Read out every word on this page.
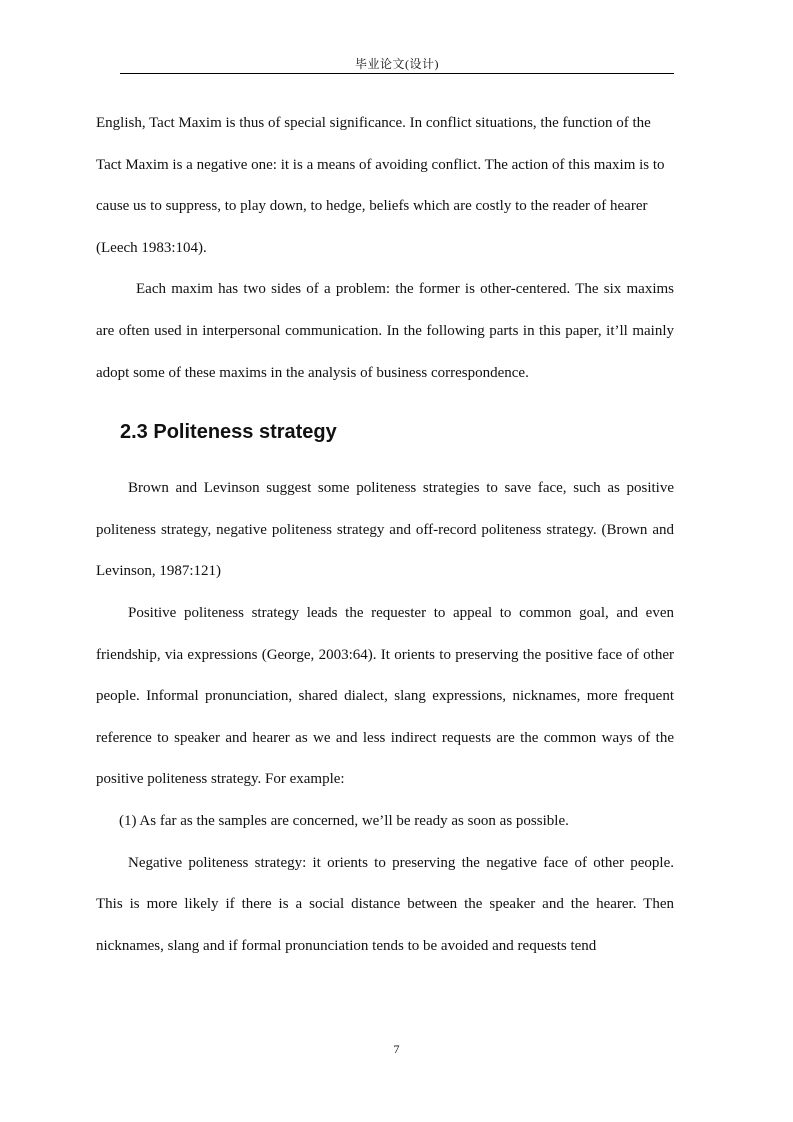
毕业论文(设计)

English, Tact Maxim is thus of special significance. In conflict situations, the function of the Tact Maxim is a negative one: it is a means of avoiding conflict. The action of this maxim is to cause us to suppress, to play down, to hedge, beliefs which are costly to the reader of hearer (Leech 1983:104).

Each maxim has two sides of a problem: the former is other-centered. The six maxims are often used in interpersonal communication. In the following parts in this paper, it’ll mainly adopt some of these maxims in the analysis of business correspondence.

2.3 Politeness strategy

Brown and Levinson suggest some politeness strategies to save face, such as positive politeness strategy, negative politeness strategy and off-record politeness strategy. (Brown and Levinson, 1987:121)

Positive politeness strategy leads the requester to appeal to common goal, and even friendship, via expressions (George, 2003:64). It orients to preserving the positive face of other people. Informal pronunciation, shared dialect, slang expressions, nicknames, more frequent reference to speaker and hearer as we and less indirect requests are the common ways of the positive politeness strategy. For example:

(1) As far as the samples are concerned, we’ll be ready as soon as possible.

Negative politeness strategy: it orients to preserving the negative face of other people. This is more likely if there is a social distance between the speaker and the hearer. Then nicknames, slang and if formal pronunciation tends to be avoided and requests tend

7
